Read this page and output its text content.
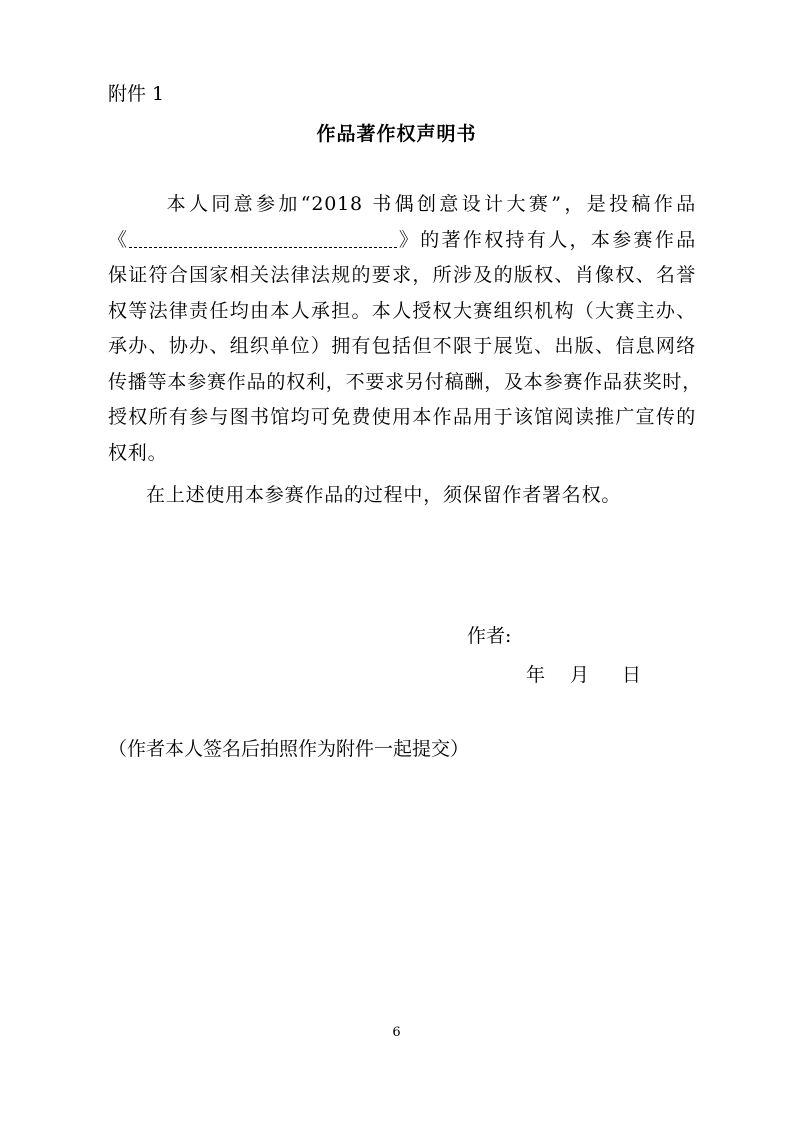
附件 1
作品著作权声明书
本人同意参加“2018 书偶创意设计大赛”，是投稿作品
《	》的著作权持有人，本参赛作品
保证符合国家相关法律法规的要求，所涉及的版权、肖像权、名誉
权等法律责任均由本人承担。本人授权大赛组织机构（大赛主办、
承办、协办、组织单位）拥有包括但不限于展览、出版、信息网络
传播等本参赛作品的权利，不要求另付稿酬，及本参赛作品获奖时，
授权所有参与图书馆均可免费使用本作品用于该馆阅读推广宣传的
权利。
在上述使用本参赛作品的过程中，须保留作者署名权。
作者:
年 月 日
（作者本人签名后拍照作为附件一起提交）
6
